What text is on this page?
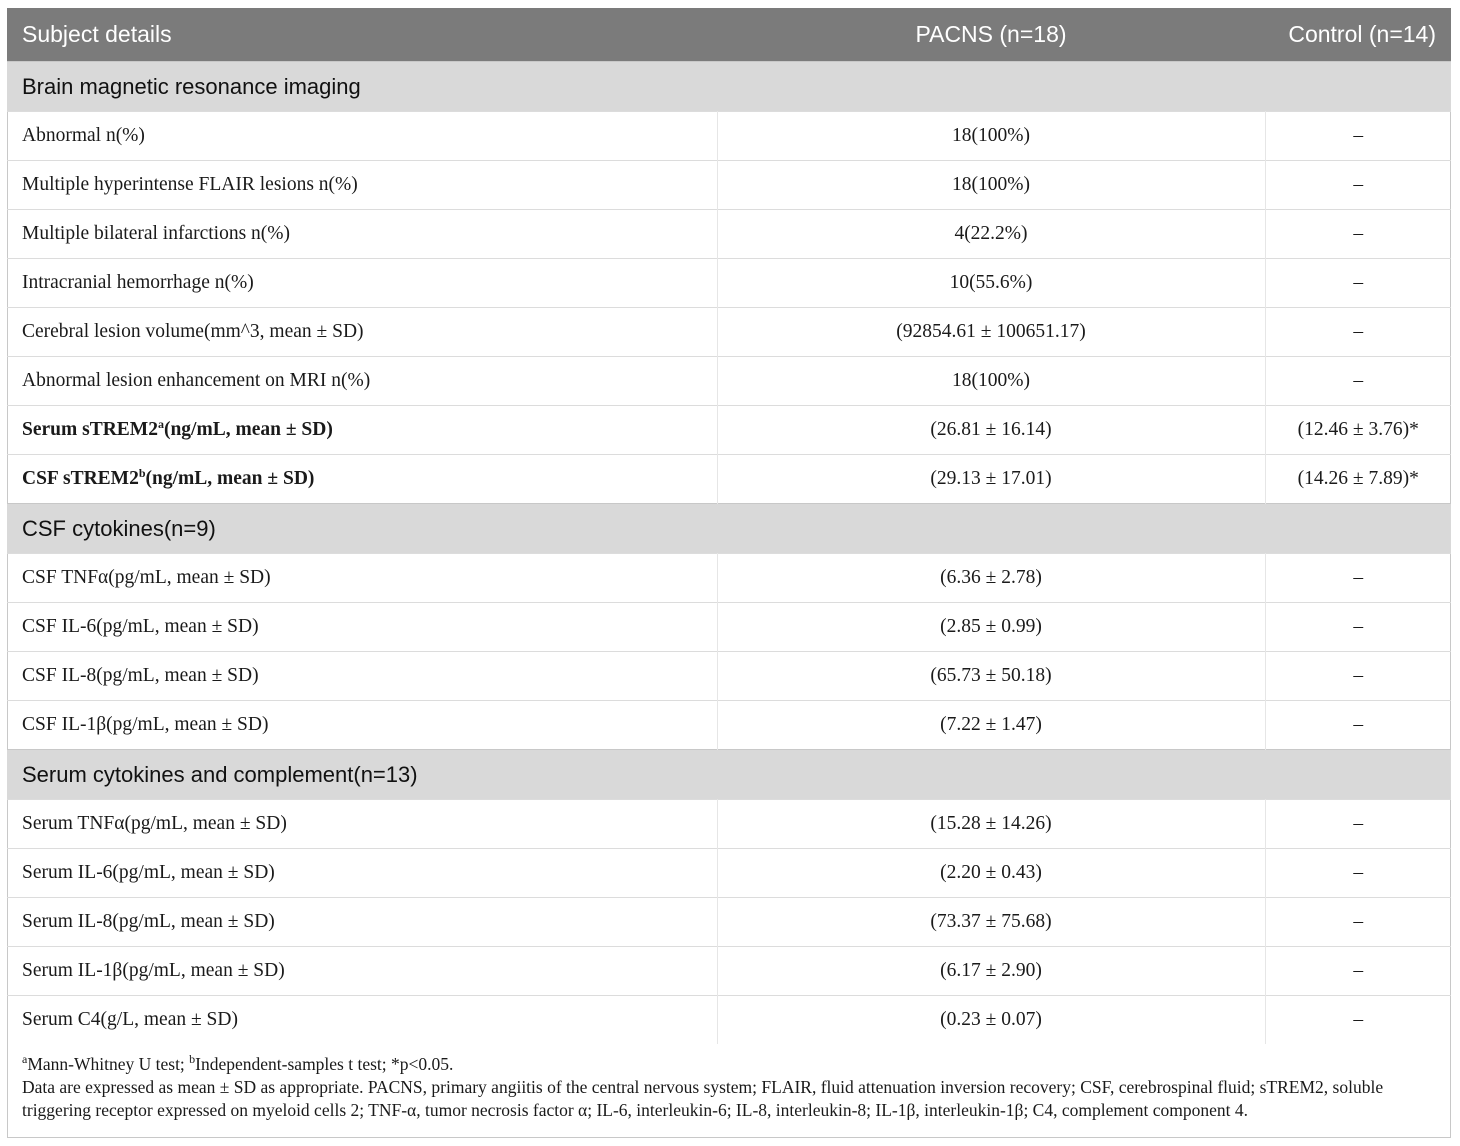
Subject details	PACNS (n=18)	Control (n=14)
Brain magnetic resonance imaging		
Abnormal n(%)	18(100%)	–
Multiple hyperintense FLAIR lesions n(%)	18(100%)	–
Multiple bilateral infarctions n(%)	4(22.2%)	–
Intracranial hemorrhage n(%)	10(55.6%)	–
Cerebral lesion volume(mm^3, mean ± SD)	(92854.61 ± 100651.17)	–
Abnormal lesion enhancement on MRI n(%)	18(100%)	–
Serum sTREM2$^a$(ng/mL, mean ± SD)	(26.81 ± 16.14)	(12.46 ± 3.76)*
CSF sTREM2$^b$(ng/mL, mean ± SD)	(29.13 ± 17.01)	(14.26 ± 7.89)*
CSF cytokines(n=9)		
CSF TNFα(pg/mL, mean ± SD)	(6.36 ± 2.78)	–
CSF IL-6(pg/mL, mean ± SD)	(2.85 ± 0.99)	–
CSF IL-8(pg/mL, mean ± SD)	(65.73 ± 50.18)	–
CSF IL-1β(pg/mL, mean ± SD)	(7.22 ± 1.47)	–
Serum cytokines and complement(n=13)		
Serum TNFα(pg/mL, mean ± SD)	(15.28 ± 14.26)	–
Serum IL-6(pg/mL, mean ± SD)	(2.20 ± 0.43)	–
Serum IL-8(pg/mL, mean ± SD)	(73.37 ± 75.68)	–
Serum IL-1β(pg/mL, mean ± SD)	(6.17 ± 2.90)	–
Serum C4(g/L, mean ± SD)	(0.23 ± 0.07)	–
$^a$Mann-Whitney U test; $^b$Independent-samples t test; *p<0.05.
Data are expressed as mean ± SD as appropriate. PACNS, primary angiitis of the central nervous system; FLAIR, fluid attenuation inversion recovery; CSF, cerebrospinal fluid; sTREM2, soluble triggering receptor expressed on myeloid cells 2; TNF-α, tumor necrosis factor α; IL-6, interleukin-6; IL-8, interleukin-8; IL-1β, interleukin-1β; C4, complement component 4.
